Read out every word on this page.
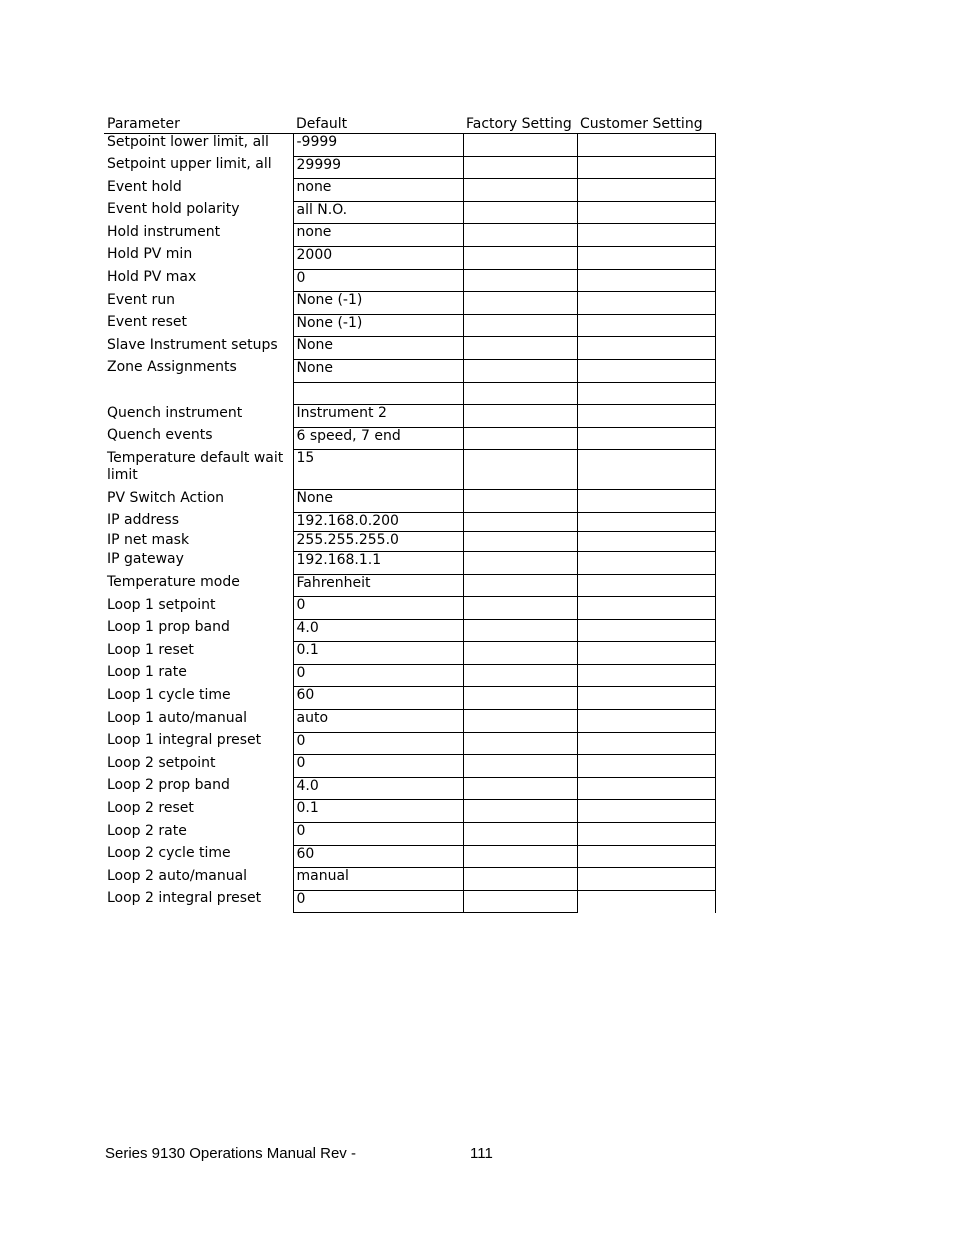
Parameter	Default	Factory Setting	Customer Setting
Setpoint lower limit, all	-9999		
Setpoint upper limit, all	29999		
Event hold	none		
Event hold polarity	all N.O.		
Hold instrument	none		
Hold PV min	2000		
Hold PV max	0		
Event run	None (-1)		
Event reset	None (-1)		
Slave Instrument setups	None		
Zone Assignments	None		

Quench instrument	Instrument 2		
Quench events	6 speed, 7 end		
Temperature default wait limit	15		
PV Switch Action	None		
IP address	192.168.0.200		
IP net mask	255.255.255.0		
IP gateway	192.168.1.1		
Temperature mode	Fahrenheit		
Loop 1 setpoint	0		
Loop 1 prop band	4.0		
Loop 1 reset	0.1		
Loop 1 rate	0		
Loop 1 cycle time	60		
Loop 1 auto/manual	auto		
Loop 1 integral preset	0		
Loop 2 setpoint	0		
Loop 2 prop band	4.0		
Loop 2 reset	0.1		
Loop 2 rate	0		
Loop 2 cycle time	60		
Loop 2 auto/manual	manual		
Loop 2 integral preset	0		
Series 9130 Operations Manual Rev -	111
